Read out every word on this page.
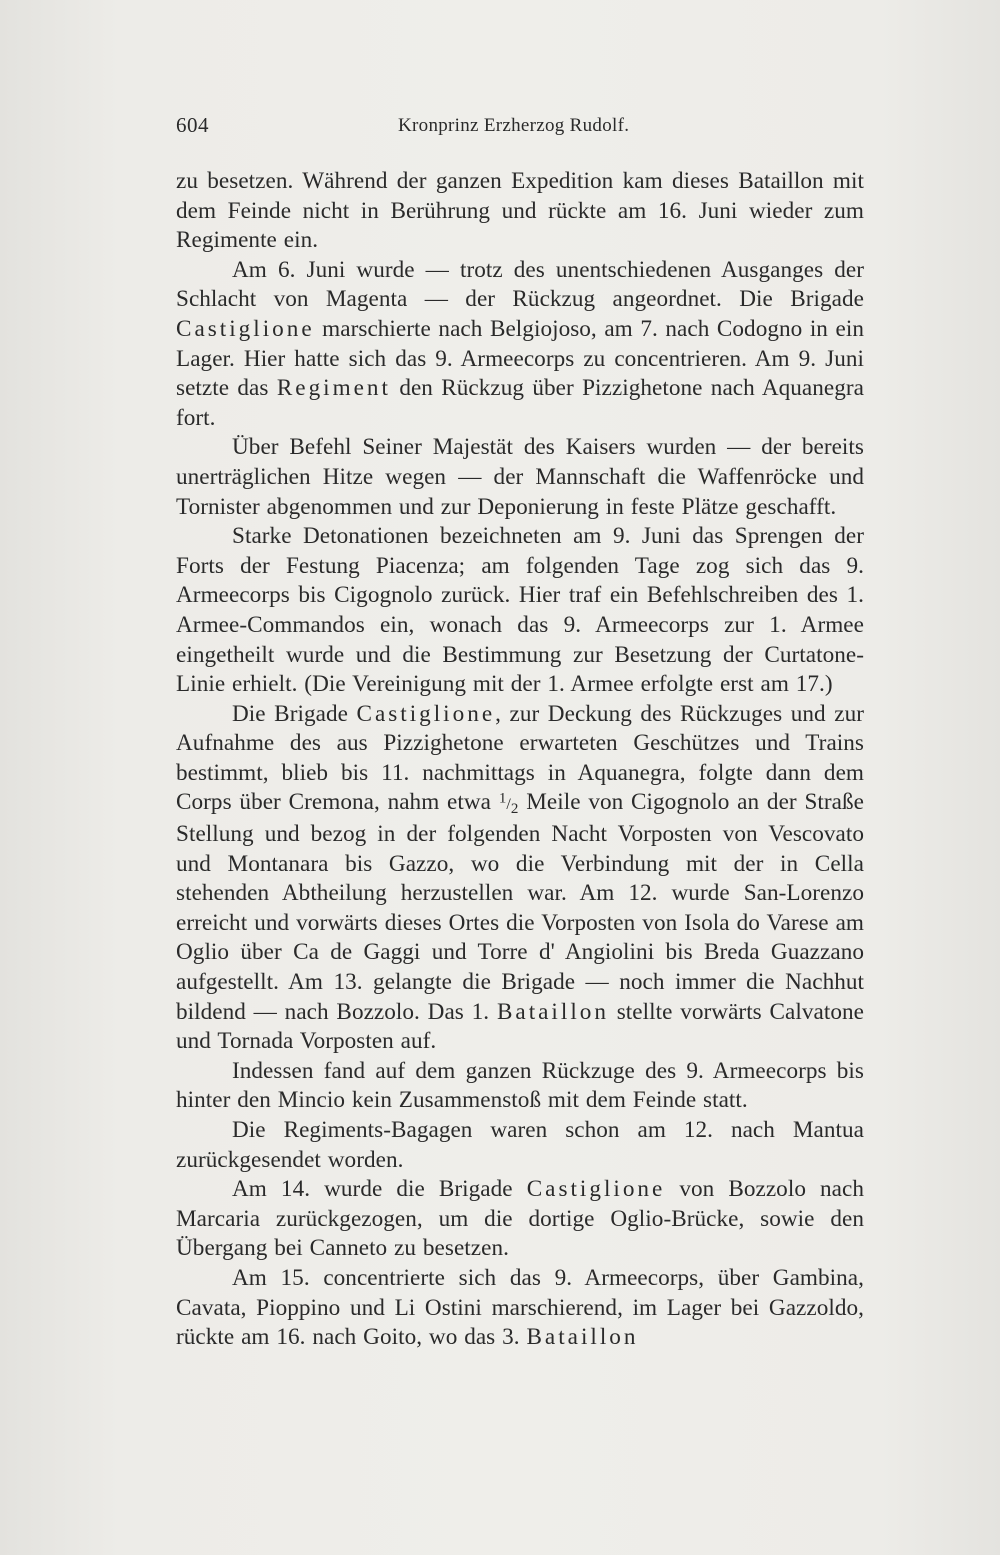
604	Kronprinz Erzherzog Rudolf.

zu besetzen. Während der ganzen Expedition kam dieses Bataillon mit dem Feinde nicht in Berührung und rückte am 16. Juni wieder zum Regimente ein.

Am 6. Juni wurde — trotz des unentschiedenen Ausganges der Schlacht von Magenta — der Rückzug angeordnet. Die Brigade Castiglione marschierte nach Belgiojoso, am 7. nach Codogno in ein Lager. Hier hatte sich das 9. Armeecorps zu concentrieren. Am 9. Juni setzte das Regiment den Rückzug über Pizzighetone nach Aquanegra fort.

Über Befehl Seiner Majestät des Kaisers wurden — der bereits unerträglichen Hitze wegen — der Mannschaft die Waffenröcke und Tornister abgenommen und zur Deponierung in feste Plätze geschafft.

Starke Detonationen bezeichneten am 9. Juni das Sprengen der Forts der Festung Piacenza; am folgenden Tage zog sich das 9. Armeecorps bis Cigognolo zurück. Hier traf ein Befehlschreiben des 1. Armee-Commandos ein, wonach das 9. Armeecorps zur 1. Armee eingetheilt wurde und die Bestimmung zur Besetzung der Curtatone-Linie erhielt. (Die Vereinigung mit der 1. Armee erfolgte erst am 17.)

Die Brigade Castiglione, zur Deckung des Rückzuges und zur Aufnahme des aus Pizzighetone erwarteten Geschützes und Trains bestimmt, blieb bis 11. nachmittags in Aquanegra, folgte dann dem Corps über Cremona, nahm etwa $^1/_2$ Meile von Cigognolo an der Straße Stellung und bezog in der folgenden Nacht Vorposten von Vescovato und Montanara bis Gazzo, wo die Verbindung mit der in Cella stehenden Abtheilung herzustellen war. Am 12. wurde San-Lorenzo erreicht und vorwärts dieses Ortes die Vorposten von Isola do Varese am Oglio über Ca de Gaggi und Torre d' Angiolini bis Breda Guazzano aufgestellt. Am 13. gelangte die Brigade — noch immer die Nachhut bildend — nach Bozzolo. Das 1. Bataillon stellte vorwärts Calvatone und Tornada Vorposten auf.

Indessen fand auf dem ganzen Rückzuge des 9. Armeecorps bis hinter den Mincio kein Zusammenstoß mit dem Feinde statt.

Die Regiments-Bagagen waren schon am 12. nach Mantua zurückgesendet worden.

Am 14. wurde die Brigade Castiglione von Bozzolo nach Marcaria zurückgezogen, um die dortige Oglio-Brücke, sowie den Übergang bei Canneto zu besetzen.

Am 15. concentrierte sich das 9. Armeecorps, über Gambina, Cavata, Pioppino und Li Ostini marschierend, im Lager bei Gazzoldo, rückte am 16. nach Goito, wo das 3. Bataillon
